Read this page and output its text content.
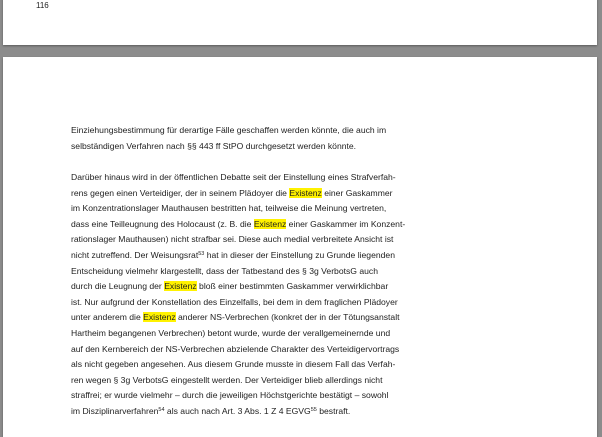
116
Einziehungsbestimmung für derartige Fälle geschaffen werden könnte, die auch im
selbständigen Verfahren nach §§ 443 ff StPO durchgesetzt werden könnte.
Darüber hinaus wird in der öffentlichen Debatte seit der Einstellung eines Strafverfah-
rens gegen einen Verteidiger, der in seinem Plädoyer die Existenz einer Gaskammer
im Konzentrationslager Mauthausen bestritten hat, teilweise die Meinung vertreten,
dass eine Teilleugnung des Holocaust (z. B. die Existenz einer Gaskammer im Konzent-
rationslager Mauthausen) nicht strafbar sei. Diese auch medial verbreitete Ansicht ist
nicht zutreffend. Der Weisungsrat$^{53}$ hat in dieser der Einstellung zu Grunde liegenden
Entscheidung vielmehr klargestellt, dass der Tatbestand des § 3g VerbotsG auch
durch die Leugnung der Existenz bloß einer bestimmten Gaskammer verwirklichbar
ist. Nur aufgrund der Konstellation des Einzelfalls, bei dem in dem fraglichen Plädoyer
unter anderem die Existenz anderer NS-Verbrechen (konkret der in der Tötungsanstalt
Hartheim begangenen Verbrechen) betont wurde, wurde der verallgemeinernde und
auf den Kernbereich der NS-Verbrechen abzielende Charakter des Verteidigervortrags
als nicht gegeben angesehen. Aus diesem Grunde musste in diesem Fall das Verfah-
ren wegen § 3g VerbotsG eingestellt werden. Der Verteidiger blieb allerdings nicht
straffrei; er wurde vielmehr – durch die jeweiligen Höchstgerichte bestätigt – sowohl
im Disziplinarverfahren$^{54}$ als auch nach Art. 3 Abs. 1 Z 4 EGVG$^{55}$ bestraft.
